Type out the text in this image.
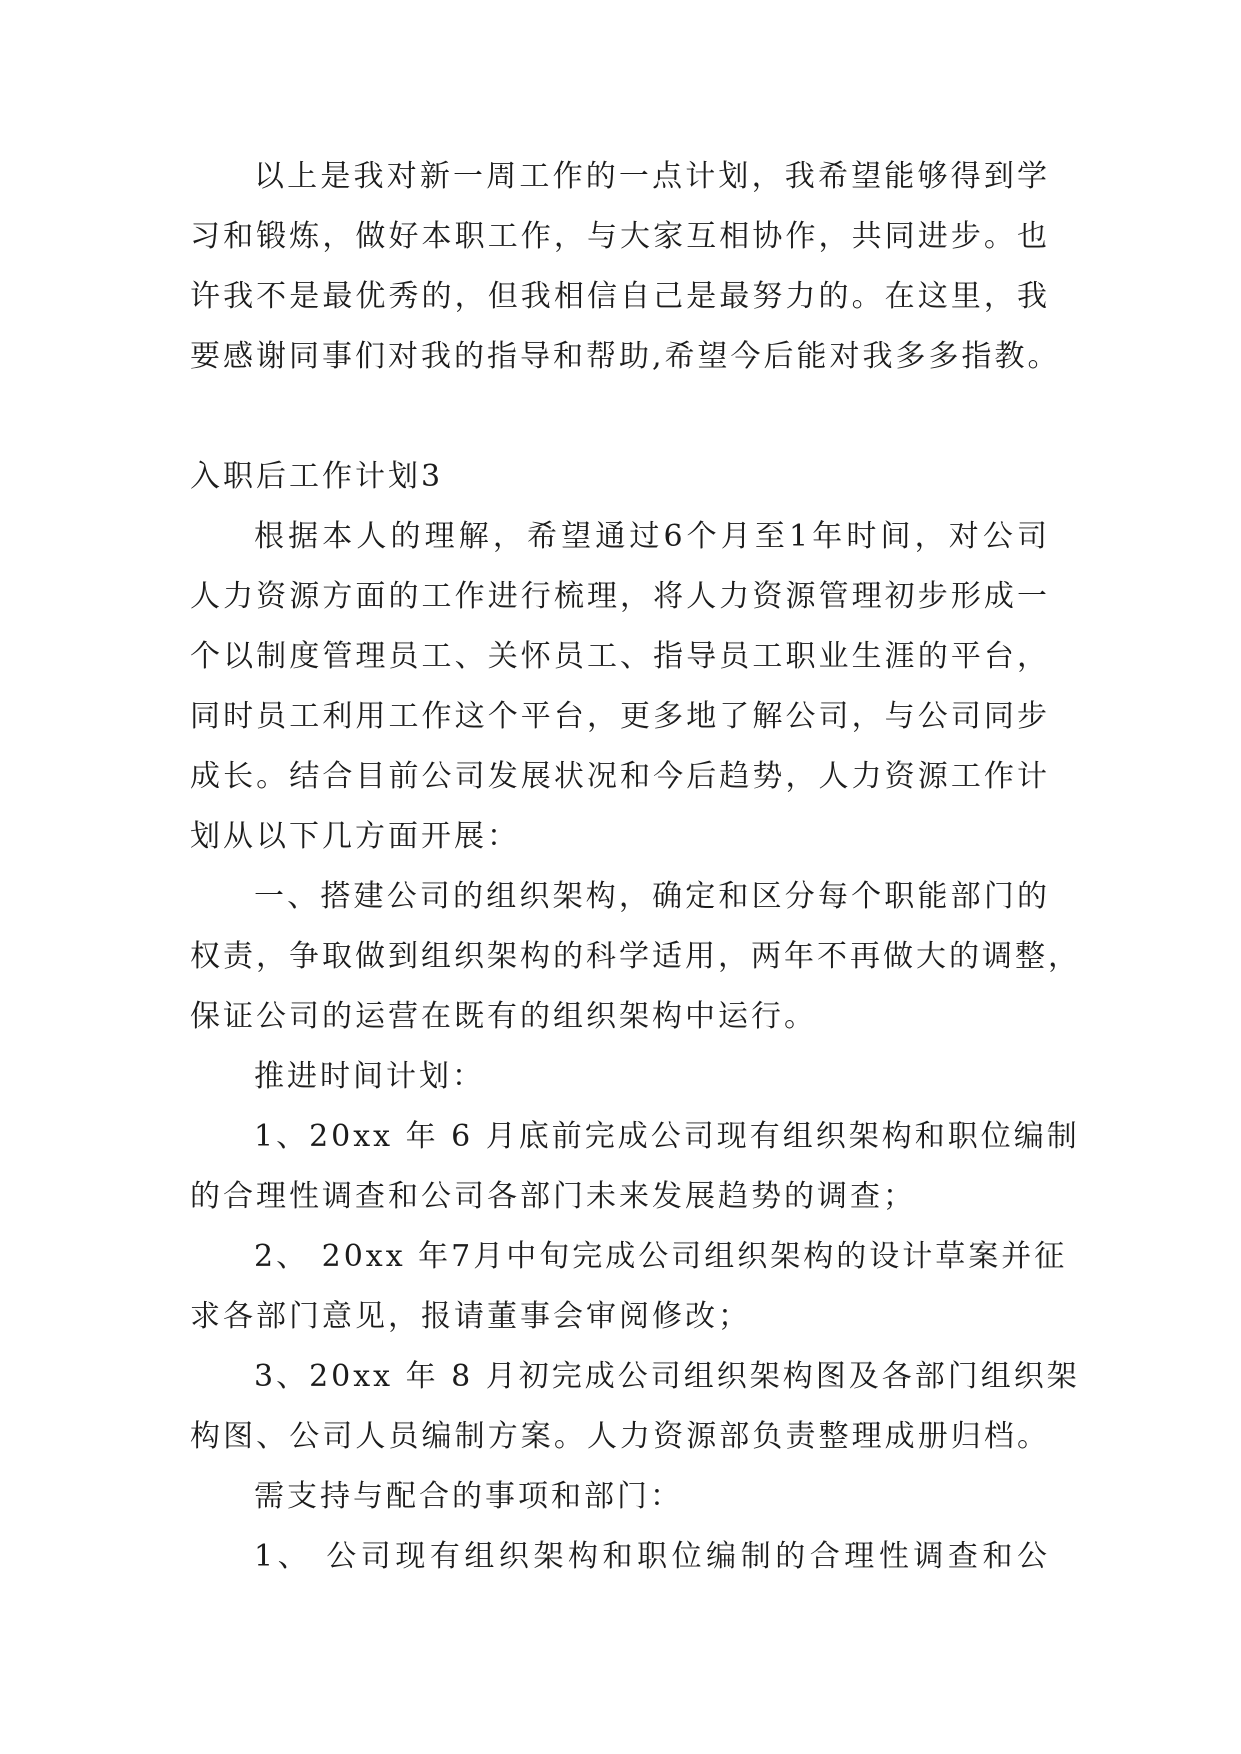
以上是我对新一周工作的一点计划，我希望能够得到学
习和锻炼，做好本职工作，与大家互相协作，共同进步。也
许我不是最优秀的，但我相信自己是最努力的。在这里，我
要感谢同事们对我的指导和帮助,希望今后能对我多多指教。
入职后工作计划3
根据本人的理解，希望通过6个月至1年时间，对公司
人力资源方面的工作进行梳理，将人力资源管理初步形成一
个以制度管理员工、关怀员工、指导员工职业生涯的平台，
同时员工利用工作这个平台，更多地了解公司，与公司同步
成长。结合目前公司发展状况和今后趋势，人力资源工作计
划从以下几方面开展：
一、搭建公司的组织架构，确定和区分每个职能部门的
权责，争取做到组织架构的科学适用，两年不再做大的调整，
保证公司的运营在既有的组织架构中运行。
推进时间计划：
1、20xx 年 6 月底前完成公司现有组织架构和职位编制
的合理性调查和公司各部门未来发展趋势的调查；
2、 20xx 年7月中旬完成公司组织架构的设计草案并征
求各部门意见，报请董事会审阅修改；
3、20xx 年 8 月初完成公司组织架构图及各部门组织架
构图、公司人员编制方案。人力资源部负责整理成册归档。
需支持与配合的事项和部门：
1、 公司现有组织架构和职位编制的合理性调查和公
